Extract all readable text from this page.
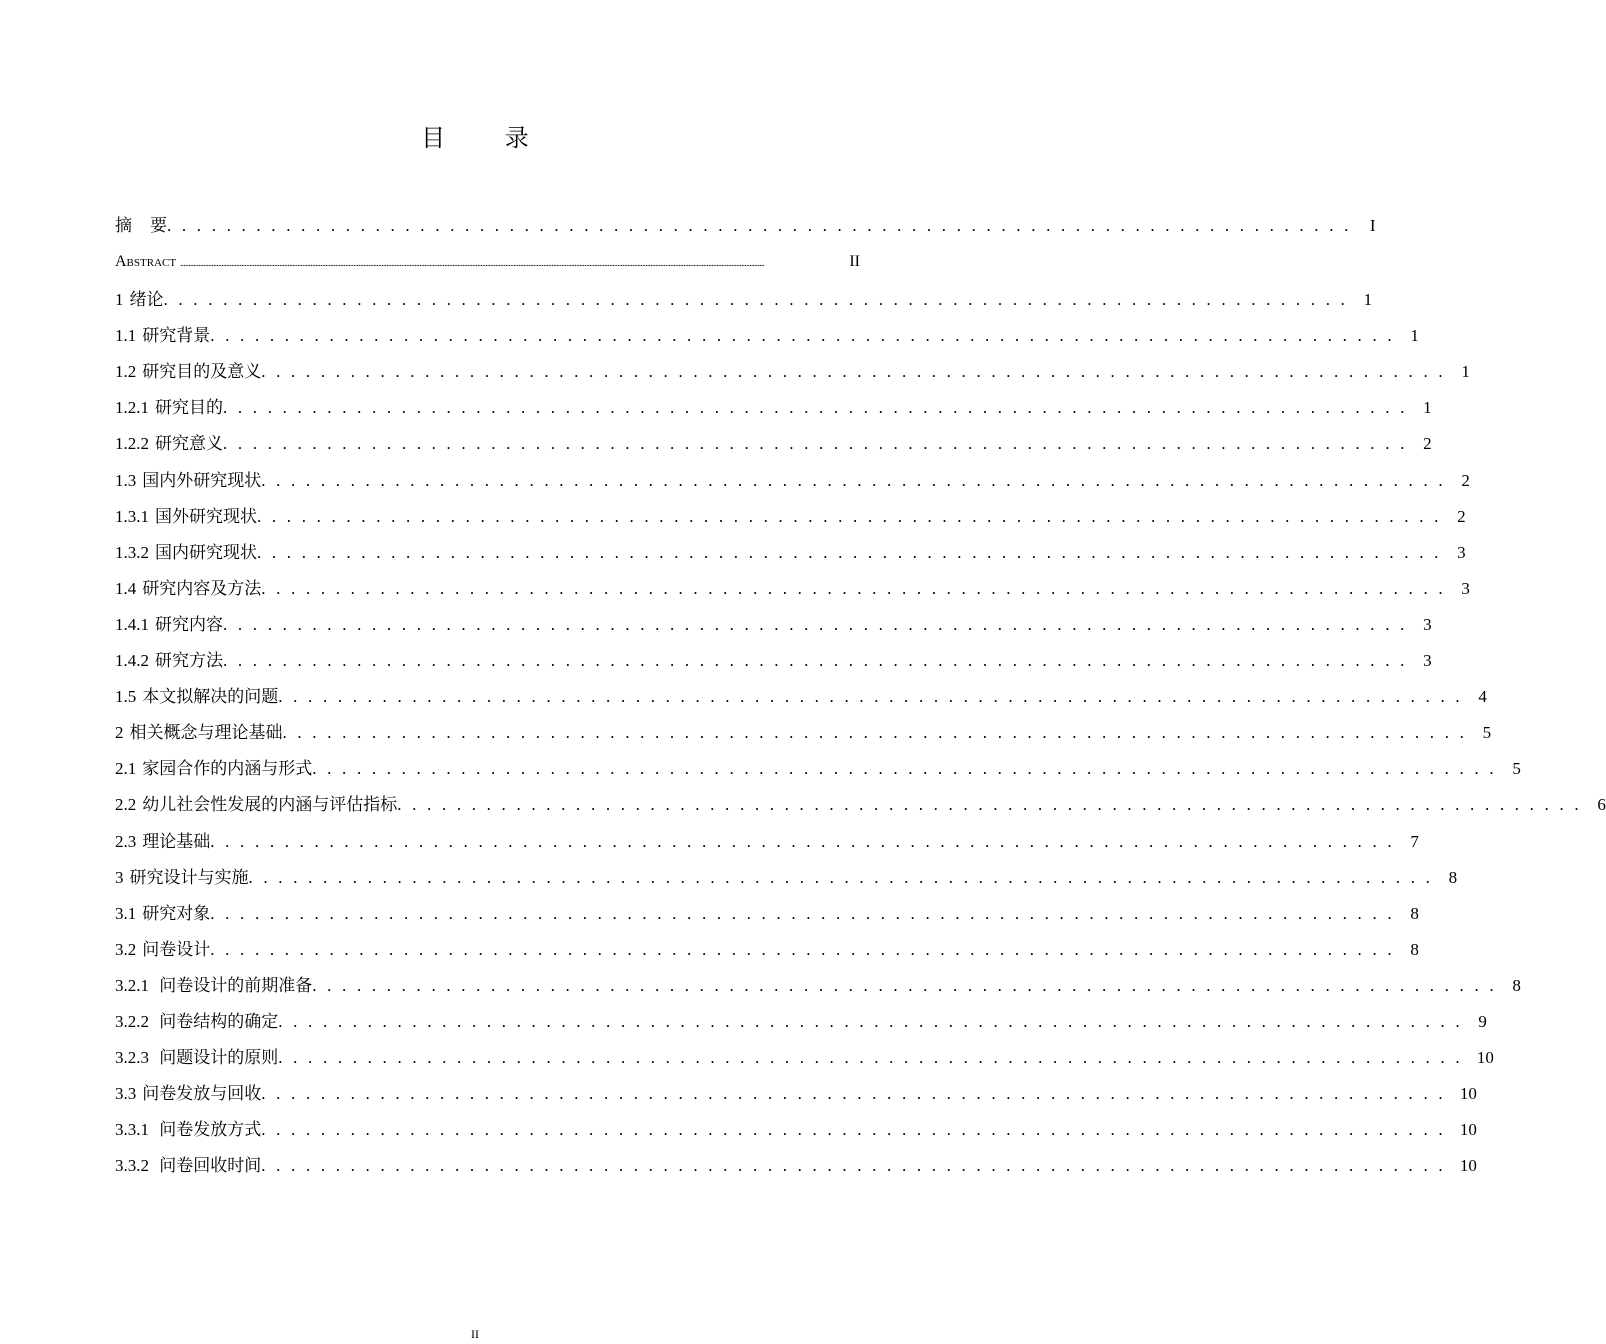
目 录
摘 要 . . . . . . . . . . . . . . . . . . . . . . . . . . . . . . . . . . . . . . . . . . . . . . . . . . . . . . . . . . . . . . . . . . . . . . . . . . . . . . . . I
Abstract ..................................................................................................................................................................................................................................................................................................................................................................	II
1 绪论 . . . . . . . . . . . . . . . . . . . . . . . . . . . . . . . . . . . . . . . . . . . . . . . . . . . . . . . . . . . . . . . . . . . . . . . . . . . . . . . . 1
1.1 研究背景 . . . . . . . . . . . . . . . . . . . . . . . . . . . . . . . . . . . . . . . . . . . . . . . . . . . . . . . . . . . . . . . . . . . . . . . . . . . . . . . . 1
1.2 研究目的及意义 . . . . . . . . . . . . . . . . . . . . . . . . . . . . . . . . . . . . . . . . . . . . . . . . . . . . . . . . . . . . . . . . . . . . . . . . . . . . . . . . 1
1.2.1 研究目的 . . . . . . . . . . . . . . . . . . . . . . . . . . . . . . . . . . . . . . . . . . . . . . . . . . . . . . . . . . . . . . . . . . . . . . . . . . . . . . . . 1
1.2.2 研究意义 . . . . . . . . . . . . . . . . . . . . . . . . . . . . . . . . . . . . . . . . . . . . . . . . . . . . . . . . . . . . . . . . . . . . . . . . . . . . . . . . 2
1.3 国内外研究现状 . . . . . . . . . . . . . . . . . . . . . . . . . . . . . . . . . . . . . . . . . . . . . . . . . . . . . . . . . . . . . . . . . . . . . . . . . . . . . . . . 2
1.3.1 国外研究现状 . . . . . . . . . . . . . . . . . . . . . . . . . . . . . . . . . . . . . . . . . . . . . . . . . . . . . . . . . . . . . . . . . . . . . . . . . . . . . . . . 2
1.3.2 国内研究现状 . . . . . . . . . . . . . . . . . . . . . . . . . . . . . . . . . . . . . . . . . . . . . . . . . . . . . . . . . . . . . . . . . . . . . . . . . . . . . . . . 3
1.4 研究内容及方法 . . . . . . . . . . . . . . . . . . . . . . . . . . . . . . . . . . . . . . . . . . . . . . . . . . . . . . . . . . . . . . . . . . . . . . . . . . . . . . . . 3
1.4.1 研究内容 . . . . . . . . . . . . . . . . . . . . . . . . . . . . . . . . . . . . . . . . . . . . . . . . . . . . . . . . . . . . . . . . . . . . . . . . . . . . . . . . 3
1.4.2 研究方法 . . . . . . . . . . . . . . . . . . . . . . . . . . . . . . . . . . . . . . . . . . . . . . . . . . . . . . . . . . . . . . . . . . . . . . . . . . . . . . . . 3
1.5 本文拟解决的问题 . . . . . . . . . . . . . . . . . . . . . . . . . . . . . . . . . . . . . . . . . . . . . . . . . . . . . . . . . . . . . . . . . . . . . . . . . . . . . . . . 4
2 相关概念与理论基础 . . . . . . . . . . . . . . . . . . . . . . . . . . . . . . . . . . . . . . . . . . . . . . . . . . . . . . . . . . . . . . . . . . . . . . . . . . . . . . . . 5
2.1 家园合作的内涵与形式 . . . . . . . . . . . . . . . . . . . . . . . . . . . . . . . . . . . . . . . . . . . . . . . . . . . . . . . . . . . . . . . . . . . . . . . . . . . . . . . . 5
2.2 幼儿社会性发展的内涵与评估指标 . . . . . . . . . . . . . . . . . . . . . . . . . . . . . . . . . . . . . . . . . . . . . . . . . . . . . . . . . . . . . . . . . . . . . . . . . . . . . . . . 6
2.3 理论基础 . . . . . . . . . . . . . . . . . . . . . . . . . . . . . . . . . . . . . . . . . . . . . . . . . . . . . . . . . . . . . . . . . . . . . . . . . . . . . . . . 7
3 研究设计与实施 . . . . . . . . . . . . . . . . . . . . . . . . . . . . . . . . . . . . . . . . . . . . . . . . . . . . . . . . . . . . . . . . . . . . . . . . . . . . . . . . 8
3.1 研究对象 . . . . . . . . . . . . . . . . . . . . . . . . . . . . . . . . . . . . . . . . . . . . . . . . . . . . . . . . . . . . . . . . . . . . . . . . . . . . . . . . 8
3.2 问卷设计 . . . . . . . . . . . . . . . . . . . . . . . . . . . . . . . . . . . . . . . . . . . . . . . . . . . . . . . . . . . . . . . . . . . . . . . . . . . . . . . . 8
3.2.1 问卷设计的前期准备 . . . . . . . . . . . . . . . . . . . . . . . . . . . . . . . . . . . . . . . . . . . . . . . . . . . . . . . . . . . . . . . . . . . . . . . . . . . . . . . . 8
3.2.2 问卷结构的确定 . . . . . . . . . . . . . . . . . . . . . . . . . . . . . . . . . . . . . . . . . . . . . . . . . . . . . . . . . . . . . . . . . . . . . . . . . . . . . . . . 9
3.2.3 问题设计的原则 . . . . . . . . . . . . . . . . . . . . . . . . . . . . . . . . . . . . . . . . . . . . . . . . . . . . . . . . . . . . . . . . . . . . . . . . . . . . . . . . 10
3.3 问卷发放与回收 . . . . . . . . . . . . . . . . . . . . . . . . . . . . . . . . . . . . . . . . . . . . . . . . . . . . . . . . . . . . . . . . . . . . . . . . . . . . . . . . 10
3.3.1 问卷发放方式 . . . . . . . . . . . . . . . . . . . . . . . . . . . . . . . . . . . . . . . . . . . . . . . . . . . . . . . . . . . . . . . . . . . . . . . . . . . . . . . . 10
3.3.2 问卷回收时间 . . . . . . . . . . . . . . . . . . . . . . . . . . . . . . . . . . . . . . . . . . . . . . . . . . . . . . . . . . . . . . . . . . . . . . . . . . . . . . . . 10
II
